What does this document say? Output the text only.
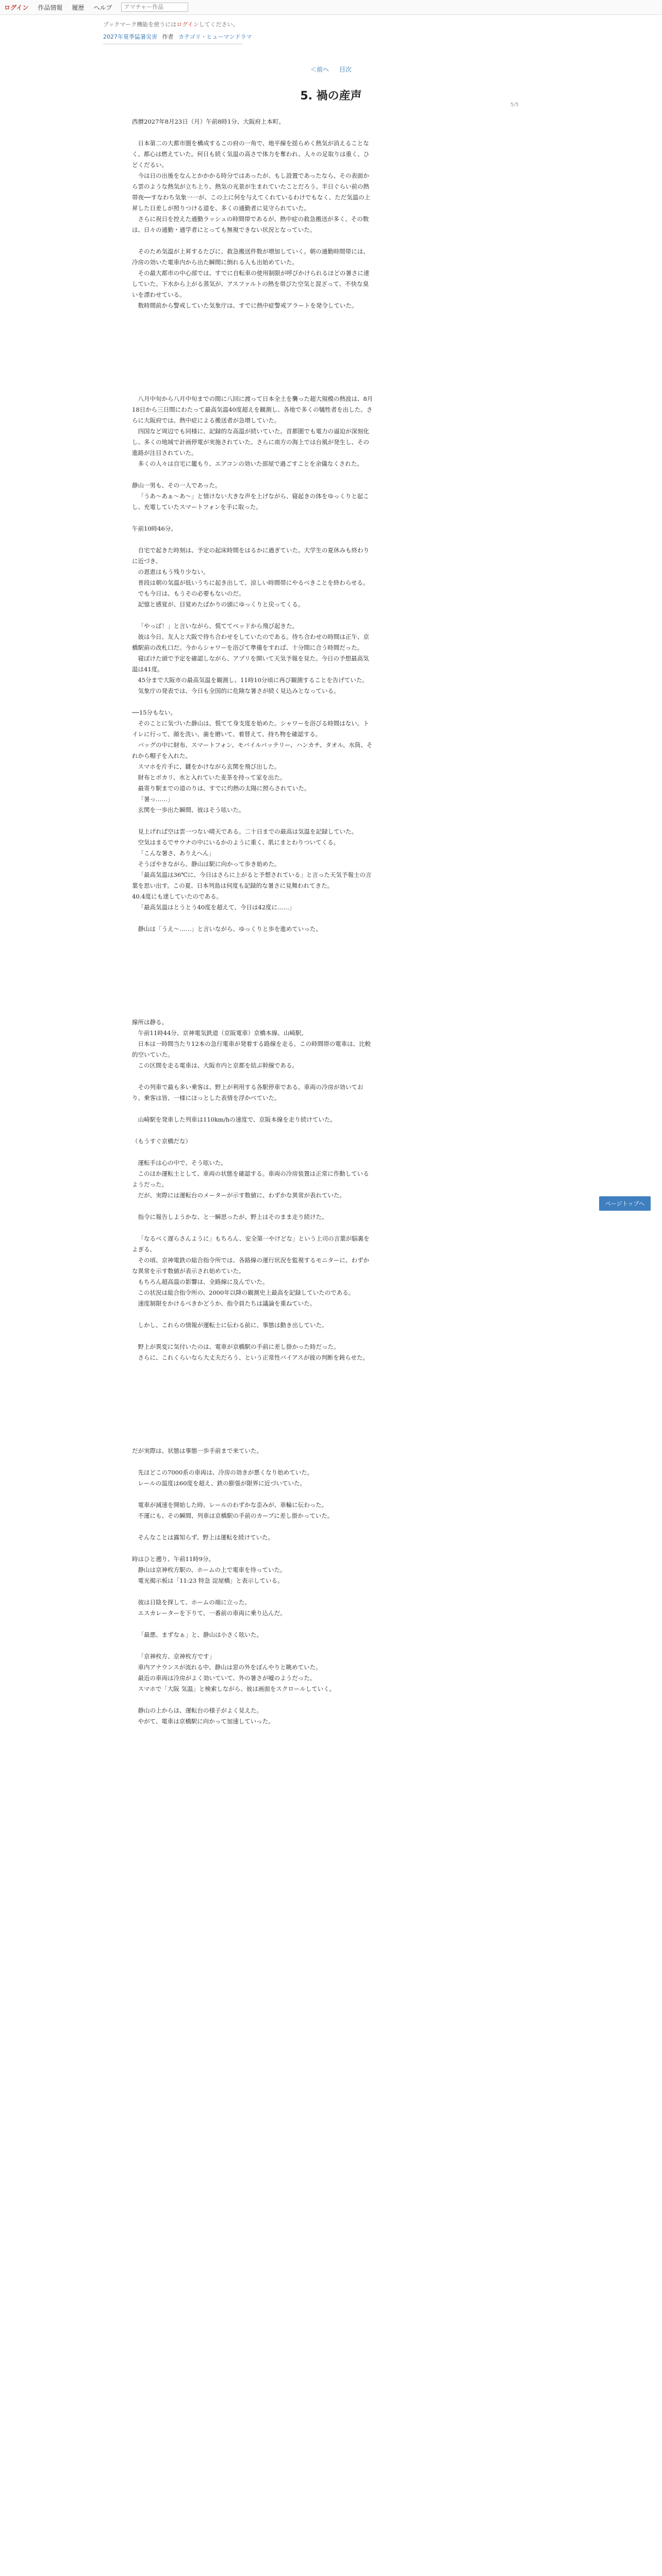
ログイン 作品情報 履歴 ヘルプ
アマチャー作品
ブックマーク機能を使うにはログインしてください。
2027年夏季猛暑災害 作者 カテゴリ・ヒューマンドラマ
＜前へ 目次
5/5
5. 禍の産声

西暦2027年8月23日（月）午前8時1分、大阪府上本町。

日本第二の大都市圏を構成するこの府の一角で、地平線を揺らめく熱気が消えることなく、都心は燃えていた。何日も続く気温の高さで体力を奪われ、人々の足取りは重く、ひどくだるい。

今は日の出後をなんとかかかる時分ではあったが、もし設置であったなら、その表面から雲のような熱気が立ち上り、熱気の光景が生まれていたことだろう。半日ぐらい前の熱帯夜──すなわち気象一一が、この上に何を与えてくれているわけでもなく、ただ気温の上昇した日差しが照りつける道を、多くの通勤者に見守られていた。

さらに祝日を控えた通勤ラッシュの時間帯であるが、熱中症の救急搬送が多く、その数は、日々の通勤・通学者にとっても無視できない状況となっていた。

そのため気温が上昇するたびに、救急搬送件数が増加していく。朝の通勤時間帯には、冷房の効いた電車内から出た瞬間に倒れる人も出始めていた。

その最大都市の中心部では、すでに自転車の使用制限が呼びかけられるほどの暑さに達していた。下水から上がる蒸気が、アスファルトの熱を帯びた空気と混ざって、不快な臭いを漂わせている。

数時間前から警戒していた気象庁は、すでに熱中症警戒アラートを発令していた。

八月中旬から八月中旬までの間に八回に渡って日本全土を襲った超大規模の熱波は、8月18日から三日間にわたって最高気温40度超えを観測し、各地で多くの犠牲者を出した。さらに大阪府では、熱中症による搬送者が急増していた。

四国など周辺でも同様に、記録的な高温が続いていた。首都圏でも電力の逼迫が深刻化し、多くの地域で計画停電が実施されていた。さらに南方の海上では台風が発生し、その進路が注目されていた。

多くの人々は自宅に籠もり、エアコンの効いた部屋で過ごすことを余儀なくされた。

静山一男も、その一人であった。

「うあ～あぁ～あ～」と情けない大きな声を上げながら、寝起きの体をゆっくりと起こし、充電していたスマートフォンを手に取った。

午前10時46分。

自宅で起きた時刻は、予定の起床時間をはるかに過ぎていた。大学生の夏休みも終わりに近づき、

の恩恵はもう残り少ない。

普段は朝の気温が低いうちに起き出して、涼しい時間帯にやるべきことを終わらせる。

でも今日は、もうその必要もないのだ。

記憶と感覚が、目覚めたばかりの頭にゆっくりと戻ってくる。

「やっば！」と言いながら、慌ててベッドから飛び起きた。

彼は今日、友人と大阪で待ち合わせをしていたのである。待ち合わせの時間は正午、京橋駅前の改札口だ。今からシャワーを浴びて準備をすれば、十分間に合う時間だった。

寝ぼけた頭で予定を確認しながら、アプリを開いて天気予報を見た。今日の予想最高気温は41度。

45分まで大阪市の最高気温を観測し、11時10分頃に再び観測することを告げていた。

気象庁の発表では、今日も全国的に危険な暑さが続く見込みとなっている。

──15分もない。

そのことに気づいた静山は、慌てて身支度を始めた。シャワーを浴びる時間はない。トイレに行って、顔を洗い、歯を磨いて、着替えて、持ち物を確認する。

バッグの中に財布、スマートフォン、モバイルバッテリー、ハンカチ、タオル、水筒、それから帽子を入れた。

スマホを片手に、鍵をかけながら玄関を飛び出した。

財布とポカリ、水と入れていた麦茶を持って家を出た。

最寄り駅までの道のりは、すでに灼熱の太陽に照らされていた。

「暑っ……」

玄関を一歩出た瞬間、彼はそう呟いた。

見上げれば空は雲一つない晴天である。二十日までの最高は気温を記録していた。

空気はまるでサウナの中にいるかのように重く、肌にまとわりついてくる。

「こんな暑さ、ありえへん」

そうぼやきながら、静山は駅に向かって歩き始めた。

「最高気温は36℃に、今日はさらに上がると予想されている」と言った天気予報士の言葉を思い出す。この夏、日本列島は何度も記録的な暑さに見舞われてきた。

40.4度にも達していたのである。

「最高気温はとうとう40度を超えて、今日は42度に……」

静山は「うえ～……」と言いながら、ゆっくりと歩を進めていった。

線所は静る。

午前11時44分、京神電気鉄道（京阪電車）京橋本線、山崎駅。

日本は一時間当たり12本の急行電車が発着する路線を走る。この時間帯の電車は、比較的空いていた。

この区間を走る電車は、大阪市内と京都を結ぶ幹線である。

その列車で最も多い乗客は、野上が利用する各駅停車である。車両の冷房が効いており、乗客は皆、一様にほっとした表情を浮かべていた。

山崎駅を発車した列車は110km/hの速度で、京阪本線を走り続けていた。

（もうすぐ京橋だな）

運転手は心の中で、そう呟いた。

このほか運転士として、車両の状態を確認する。車両の冷房装置は正常に作動しているようだった。

だが、実際には運転台のメーターが示す数値に、わずかな異常が表れていた。

指令に報告しようかな、と一瞬思ったが、野上はそのまま走り続けた。

「なるべく遅らさんように」もちろん、安全第一やけどな」という上司の言葉が脳裏をよぎる。

その頃、京神電鉄の総合指令所では、各路線の運行状況を監視するモニターに、わずかな異常を示す数値が表示され始めていた。

もちろん超高温の影響は、全路線に及んでいた。

この状況は総合指令所の、2000年以降の観測史上最高を記録していたのである。

速度制限をかけるべきかどうか、指令員たちは議論を重ねていた。

しかし、これらの情報が運転士に伝わる前に、事態は動き出していた。

野上が異変に気付いたのは、電車が京橋駅の手前に差し掛かった時だった。

さらに、これくらいなら大丈夫だろう、という正常性バイアスが彼の判断を鈍らせた。

だが実際は、状態は事態一歩手前まで来ていた。

先ほどこの7000系の車両は、冷房の効きが悪くなり始めていた。

レールの温度は60度を超え、鉄の膨張が限界に近づいていた。

電車が減速を開始した時、レールのわずかな歪みが、車輪に伝わった。

不運にも、その瞬間、列車は京橋駅の手前のカーブに差し掛かっていた。

そんなことは露知らず、野上は運転を続けていた。

時はひと遡り、午前11時9分。

静山は京神枚方駅の、ホームの上で電車を待っていた。

電光掲示板は「11:23 特急 淀屋橋」と表示している。

彼は日陰を探して、ホームの端に立った。

エスカレーターを下りて、一番前の車両に乗り込んだ。

「最悪、まずなぁ」と、静山は小さく呟いた。

「京神枚方、京神枚方です」

車内アナウンスが流れる中、静山は窓の外をぼんやりと眺めていた。

最近の車両は冷房がよく効いていて、外の暑さが嘘のようだった。

スマホで「大阪 気温」と検索しながら、彼は画面をスクロールしていく。

静山の上からは、運転台の様子がよく見えた。

やがて、電車は京橋駅に向かって加速していった。

ページトップへ
